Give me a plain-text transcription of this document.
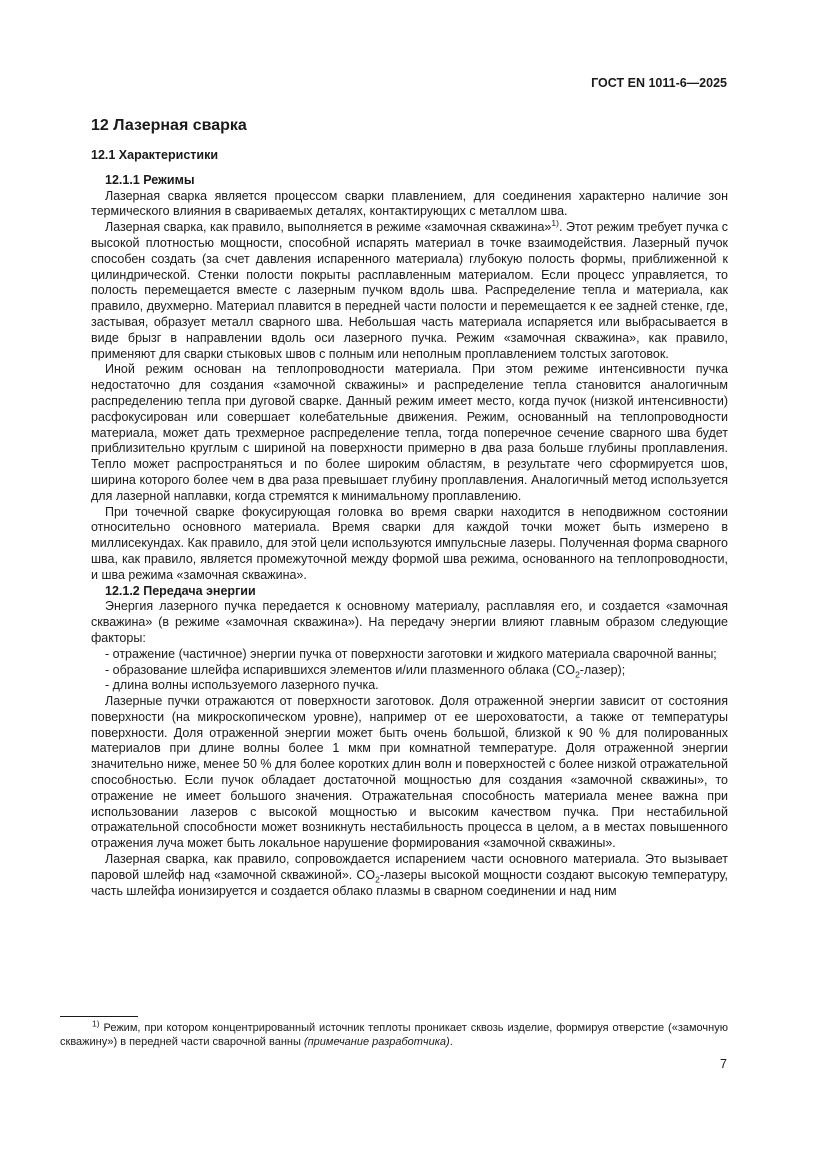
ГОСТ EN 1011-6—2025
12 Лазерная сварка
12.1 Характеристики
12.1.1 Режимы

Лазерная сварка является процессом сварки плавлением, для соединения характерно наличие зон термического влияния в свариваемых деталях, контактирующих с металлом шва.

Лазерная сварка, как правило, выполняется в режиме «замочная скважина»$^{1)}$. Этот режим требует пучка с высокой плотностью мощности, способной испарять материал в точке взаимодействия. Лазерный пучок способен создать (за счет давления испаренного материала) глубокую полость формы, приближенной к цилиндрической. Стенки полости покрыты расплавленным материалом. Если процесс управляется, то полость перемещается вместе с лазерным пучком вдоль шва. Распределение тепла и материала, как правило, двухмерно. Материал плавится в передней части полости и перемещается к ее задней стенке, где, застывая, образует металл сварного шва. Небольшая часть материала испаряется или выбрасывается в виде брызг в направлении вдоль оси лазерного пучка. Режим «замочная скважина», как правило, применяют для сварки стыковых швов с полным или неполным проплавлением толстых заготовок.

Иной режим основан на теплопроводности материала. При этом режиме интенсивности пучка недостаточно для создания «замочной скважины» и распределение тепла становится аналогичным распределению тепла при дуговой сварке. Данный режим имеет место, когда пучок (низкой интенсивности) расфокусирован или совершает колебательные движения. Режим, основанный на теплопроводности материала, может дать трехмерное распределение тепла, тогда поперечное сечение сварного шва будет приблизительно круглым с шириной на поверхности примерно в два раза больше глубины проплавления. Тепло может распространяться и по более широким областям, в результате чего сформируется шов, ширина которого более чем в два раза превышает глубину проплавления. Аналогичный метод используется для лазерной наплавки, когда стремятся к минимальному проплавлению.

При точечной сварке фокусирующая головка во время сварки находится в неподвижном состоянии относительно основного материала. Время сварки для каждой точки может быть измерено в миллисекундах. Как правило, для этой цели используются импульсные лазеры. Полученная форма сварного шва, как правило, является промежуточной между формой шва режима, основанного на теплопроводности, и шва режима «замочная скважина».

12.1.2 Передача энергии

Энергия лазерного пучка передается к основному материалу, расплавляя его, и создается «замочная скважина» (в режиме «замочная скважина»). На передачу энергии влияют главным образом следующие факторы:

- отражение (частичное) энергии пучка от поверхности заготовки и жидкого материала сварочной ванны;

- образование шлейфа испарившихся элементов и/или плазменного облака $(CO_2-лазер)$;

- длина волны используемого лазерного пучка.

Лазерные пучки отражаются от поверхности заготовок. Доля отраженной энергии зависит от состояния поверхности (на микроскопическом уровне), например от ее шероховатости, а также от температуры поверхности. Доля отраженной энергии может быть очень большой, близкой к 90 % для полированных материалов при длине волны более 1 мкм при комнатной температуре. Доля отраженной энергии значительно ниже, менее 50 % для более коротких длин волн и поверхностей с более низкой отражательной способностью. Если пучок обладает достаточной мощностью для создания «замочной скважины», то отражение не имеет большого значения. Отражательная способность материала менее важна при использовании лазеров с высокой мощностью и высоким качеством пучка. При нестабильной отражательной способности может возникнуть нестабильность процесса в целом, а в местах повышенного отражения луча может быть локальное нарушение формирования «замочной скважины».

Лазерная сварка, как правило, сопровождается испарением части основного материала. Это вызывает паровой шлейф над «замочной скважиной». $CO_2$-лазеры высокой мощности создают высокую температуру, часть шлейфа ионизируется и создается облако плазмы в сварном соединении и над ним

$^{1)}$ Режим, при котором концентрированный источник теплоты проникает сквозь изделие, формируя отверстие («замочную скважину») в передней части сварочной ванны (примечание разработчика).
7
